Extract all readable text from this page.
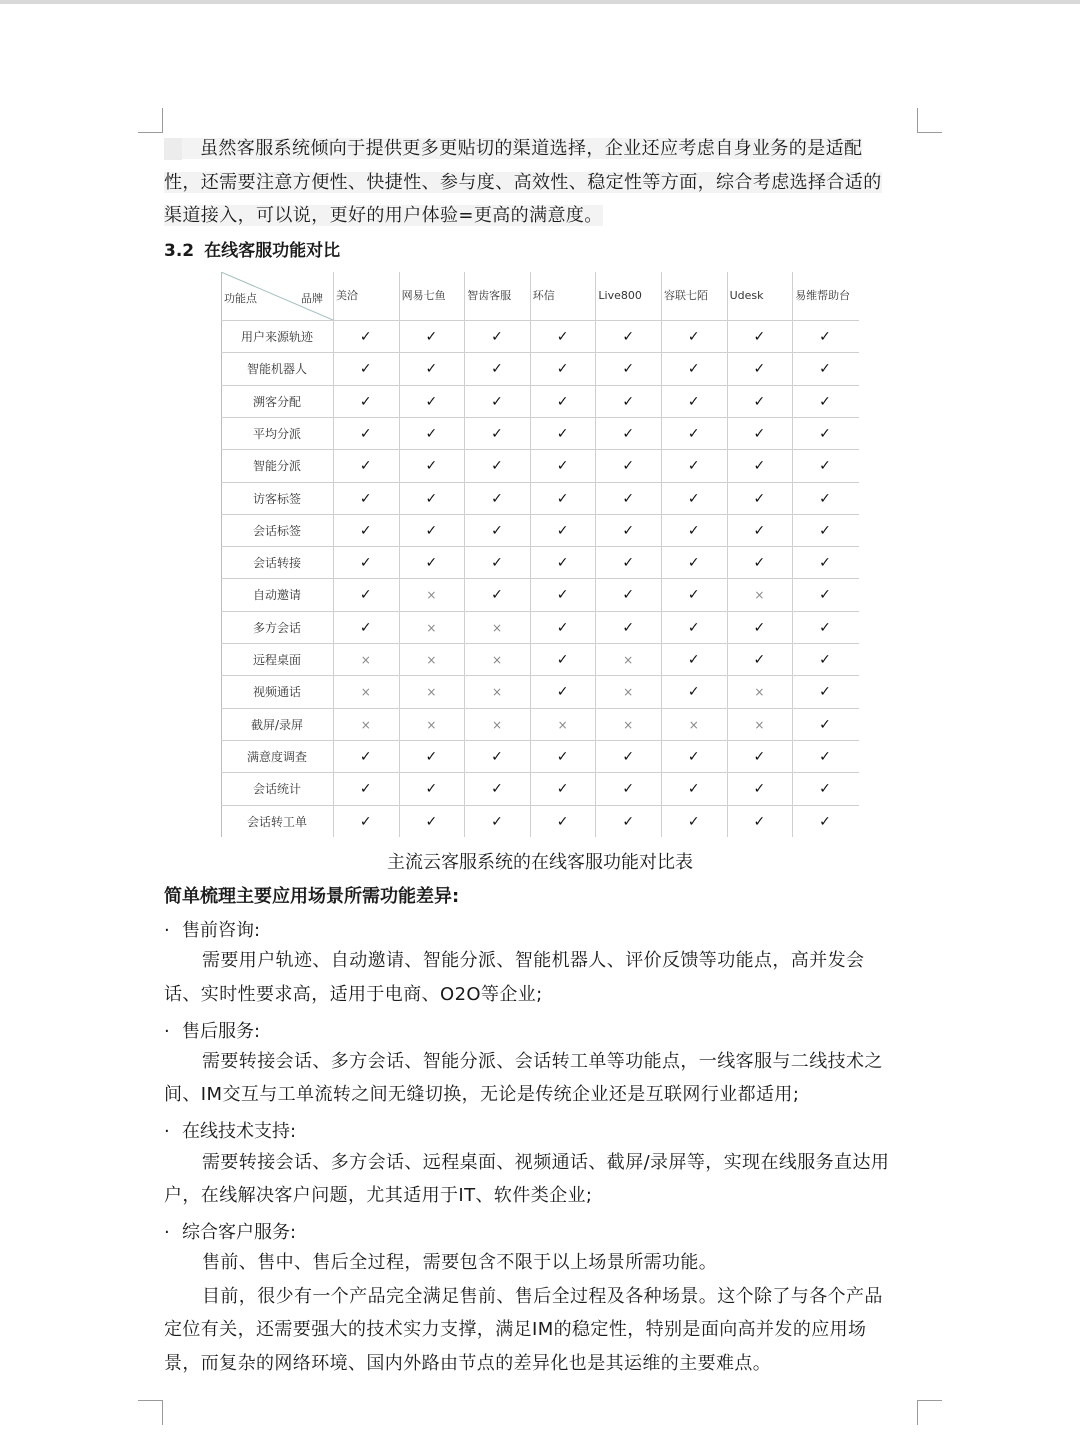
虽然客服系统倾向于提供更多更贴切的渠道选择，企业还应考虑自身业务的是适配
性，还需要注意方便性、快捷性、参与度、高效性、稳定性等方面，综合考虑选择合适的
渠道接入，可以说，更好的用户体验=更高的满意度。
3.2 在线客服功能对比
功能点	品牌 美洽	网易七鱼	智齿客服	环信	Live800	容联七陌	Udesk	易维帮助台
用户来源轨迹	✓	✓	✓	✓	✓	✓	✓	✓
智能机器人	✓	✓	✓	✓	✓	✓	✓	✓
溯客分配	✓	✓	✓	✓	✓	✓	✓	✓
平均分派	✓	✓	✓	✓	✓	✓	✓	✓
智能分派	✓	✓	✓	✓	✓	✓	✓	✓
访客标签	✓	✓	✓	✓	✓	✓	✓	✓
会话标签	✓	✓	✓	✓	✓	✓	✓	✓
会话转接	✓	✓	✓	✓	✓	✓	✓	✓
自动邀请	✓	×	✓	✓	✓	✓	×	✓
多方会话	✓	×	×	✓	✓	✓	✓	✓
远程桌面	×	×	×	✓	×	✓	✓	✓
视频通话	×	×	×	✓	×	✓	×	✓
截屏/录屏	×	×	×	×	×	×	×	✓
满意度调查	✓	✓	✓	✓	✓	✓	✓	✓
会话统计	✓	✓	✓	✓	✓	✓	✓	✓
会话转工单	✓	✓	✓	✓	✓	✓	✓	✓
主流云客服系统的在线客服功能对比表
简单梳理主要应用场景所需功能差异:
· 售前咨询:
需要用户轨迹、自动邀请、智能分派、智能机器人、评价反馈等功能点，高并发会
话、实时性要求高，适用于电商、O2O等企业;
· 售后服务:
需要转接会话、多方会话、智能分派、会话转工单等功能点，一线客服与二线技术之
间、IM交互与工单流转之间无缝切换，无论是传统企业还是互联网行业都适用;
· 在线技术支持:
需要转接会话、多方会话、远程桌面、视频通话、截屏/录屏等，实现在线服务直达用
户，在线解决客户问题，尤其适用于IT、软件类企业;
· 综合客户服务:
售前、售中、售后全过程，需要包含不限于以上场景所需功能。
目前，很少有一个产品完全满足售前、售后全过程及各种场景。这个除了与各个产品
定位有关，还需要强大的技术实力支撑，满足IM的稳定性，特别是面向高并发的应用场
景，而复杂的网络环境、国内外路由节点的差异化也是其运维的主要难点。
